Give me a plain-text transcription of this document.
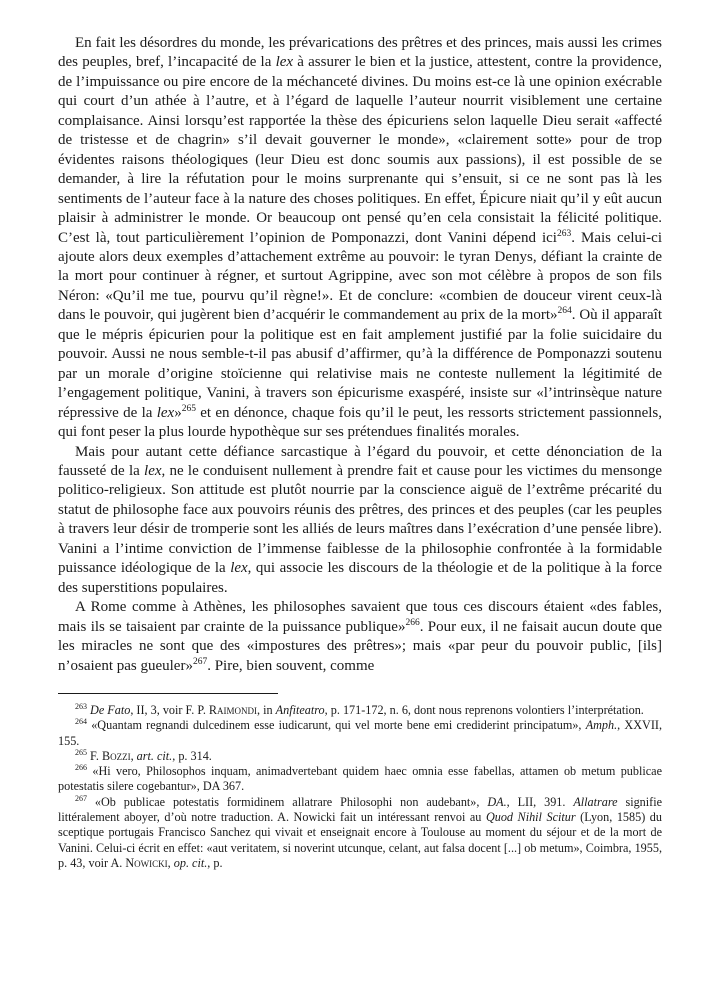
En fait les désordres du monde, les prévarications des prêtres et des princes, mais aussi les crimes des peuples, bref, l’incapacité de la lex à assurer le bien et la justice, attestent, contre la providence, de l’impuissance ou pire encore de la méchanceté divines. Du moins est-ce là une opinion exécrable qui court d’un athée à l’autre, et à l’égard de laquelle l’auteur nourrit visiblement une certaine complaisance. Ainsi lorsqu’est rapportée la thèse des épicuriens selon laquelle Dieu serait «affecté de tristesse et de chagrin» s’il devait gouverner le monde», «clairement sotte» pour de trop évidentes raisons théologiques (leur Dieu est donc soumis aux passions), il est possible de se demander, à lire la réfutation pour le moins surprenante qui s’ensuit, si ce ne sont pas là les sentiments de l’auteur face à la nature des choses politiques. En effet, Épicure niait qu’il y eût aucun plaisir à administrer le monde. Or beaucoup ont pensé qu’en cela consistait la félicité politique. C’est là, tout particulièrement l’opinion de Pomponazzi, dont Vanini dépend ici$^{263}$. Mais celui-ci ajoute alors deux exemples d’attachement extrême au pouvoir: le tyran Denys, défiant la crainte de la mort pour continuer à régner, et surtout Agrippine, avec son mot célèbre à propos de son fils Néron: «Qu’il me tue, pourvu qu’il règne!». Et de conclure: «combien de douceur virent ceux-là dans le pouvoir, qui jugèrent bien d’acquérir le commandement au prix de la mort»$^{264}$. Où il apparaît que le mépris épicurien pour la politique est en fait amplement justifié par la folie suicidaire du pouvoir. Aussi ne nous semble-t-il pas abusif d’affirmer, qu’à la différence de Pomponazzi soutenu par un morale d’origine stoïcienne qui relativise mais ne conteste nullement la légitimité de l’engagement politique, Vanini, à travers son épicurisme exaspéré, insiste sur «l’intrinsèque nature répressive de la lex»$^{265}$ et en dénonce, chaque fois qu’il le peut, les ressorts strictement passionnels, qui font peser la plus lourde hypothèque sur ses prétendues finalités morales.

Mais pour autant cette défiance sarcastique à l’égard du pouvoir, et cette dénonciation de la fausseté de la lex, ne le conduisent nullement à prendre fait et cause pour les victimes du mensonge politico-religieux. Son attitude est plutôt nourrie par la conscience aiguë de l’extrême précarité du statut de philosophe face aux pouvoirs réunis des prêtres, des princes et des peuples (car les peuples à travers leur désir de tromperie sont les alliés de leurs maîtres dans l’exécration d’une pensée libre). Vanini a l’intime conviction de l’immense faiblesse de la philosophie confrontée à la formidable puissance idéologique de la lex, qui associe les discours de la théologie et de la politique à la force des superstitions populaires.

A Rome comme à Athènes, les philosophes savaient que tous ces discours étaient «des fables, mais ils se taisaient par crainte de la puissance publique»$^{266}$. Pour eux, il ne faisait aucun doute que les miracles ne sont que des «impostures des prêtres»; mais «par peur du pouvoir public, [ils] n’osaient pas gueuler»$^{267}$. Pire, bien souvent, comme

$^{263}$ De Fato, II, 3, voir F. P. Raimondi, in Anfiteatro, p. 171-172, n. 6, dont nous reprenons volontiers l’interprétation.

$^{264}$ «Quantam regnandi dulcedinem esse iudicarunt, qui vel morte bene emi crediderint principatum», Amph., XXVII, 155.

$^{265}$ F. Bozzi, art. cit., p. 314.

$^{266}$ «Hi vero, Philosophos inquam, animadvertebant quidem haec omnia esse fabellas, attamen ob metum publicae potestatis silere cogebantur», DA 367.

$^{267}$ «Ob publicae potestatis formidinem allatrare Philosophi non audebant», DA., LII, 391. Allatrare signifie littéralement aboyer, d’où notre traduction. A. Nowicki fait un intéressant renvoi au Quod Nihil Scitur (Lyon, 1585) du sceptique portugais Francisco Sanchez qui vivait et enseignait encore à Toulouse au moment du séjour et de la mort de Vanini. Celui-ci écrit en effet: «aut veritatem, si noverint utcunque, celant, aut falsa docent [...] ob metum», Coimbra, 1955, p. 43, voir A. Nowicki, op. cit., p.
